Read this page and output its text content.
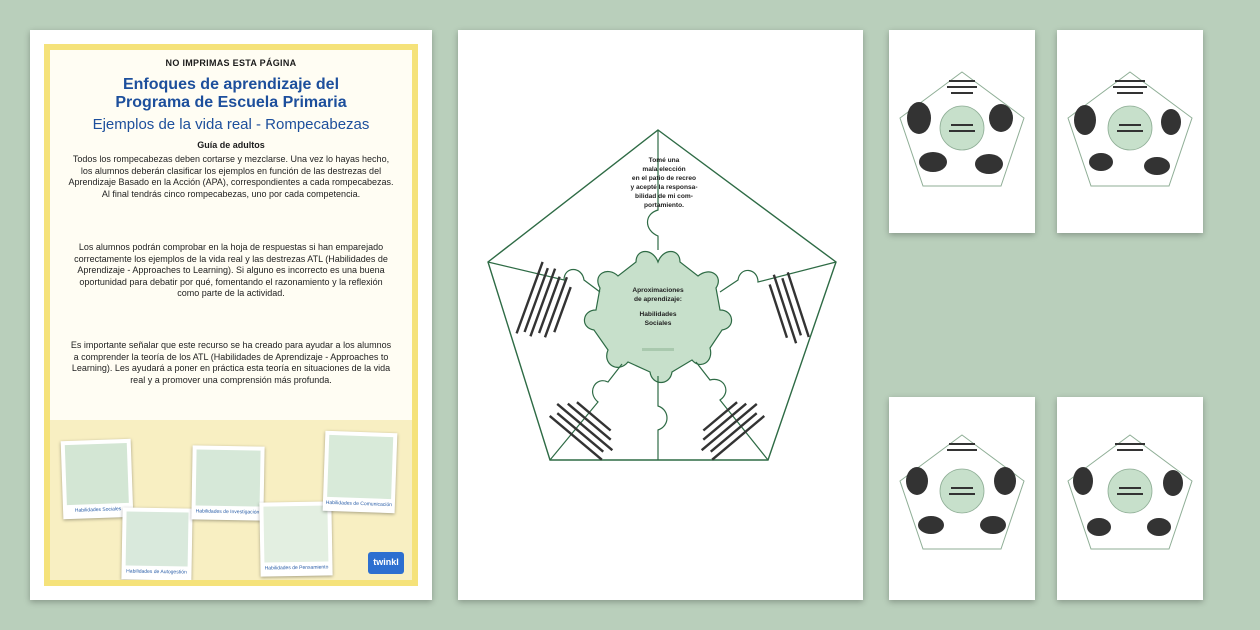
NO IMPRIMAS ESTA PÁGINA
Enfoques de aprendizaje del
Programa de Escuela Primaria
Ejemplos de la vida real - Rompecabezas
Guía de adultos
Todos los rompecabezas deben cortarse y mezclarse. Una vez lo hayas hecho, los alumnos deberán clasificar los ejemplos en función de las destrezas del Aprendizaje Basado en la Acción (APA), correspondientes a cada rompecabezas. Al final tendrás cinco rompecabezas, uno por cada competencia.
Los alumnos podrán comprobar en la hoja de respuestas si han emparejado correctamente los ejemplos de la vida real y las destrezas ATL (Habilidades de Aprendizaje - Approaches to Learning). Si alguno es incorrecto es una buena oportunidad para debatir por qué, fomentando el razonamiento y la reflexión como parte de la actividad.
Es importante señalar que este recurso se ha creado para ayudar a los alumnos a comprender la teoría de los ATL (Habilidades de Aprendizaje - Approaches to Learning). Les ayudará a poner en práctica esta teoría en situaciones de la vida real y a promover una comprensión más profunda.
Habilidades Sociales
Habilidades de Autogestión
Habilidades de Investigación
Habilidades de Pensamiento
Habilidades de Comunicación
twinkl
Aproximaciones
de aprendizaje:
Habilidades
Sociales
Tomé una
mala elección
en el patio de recreo
y acepté la responsa-
bilidad de mi com-
portamiento.
